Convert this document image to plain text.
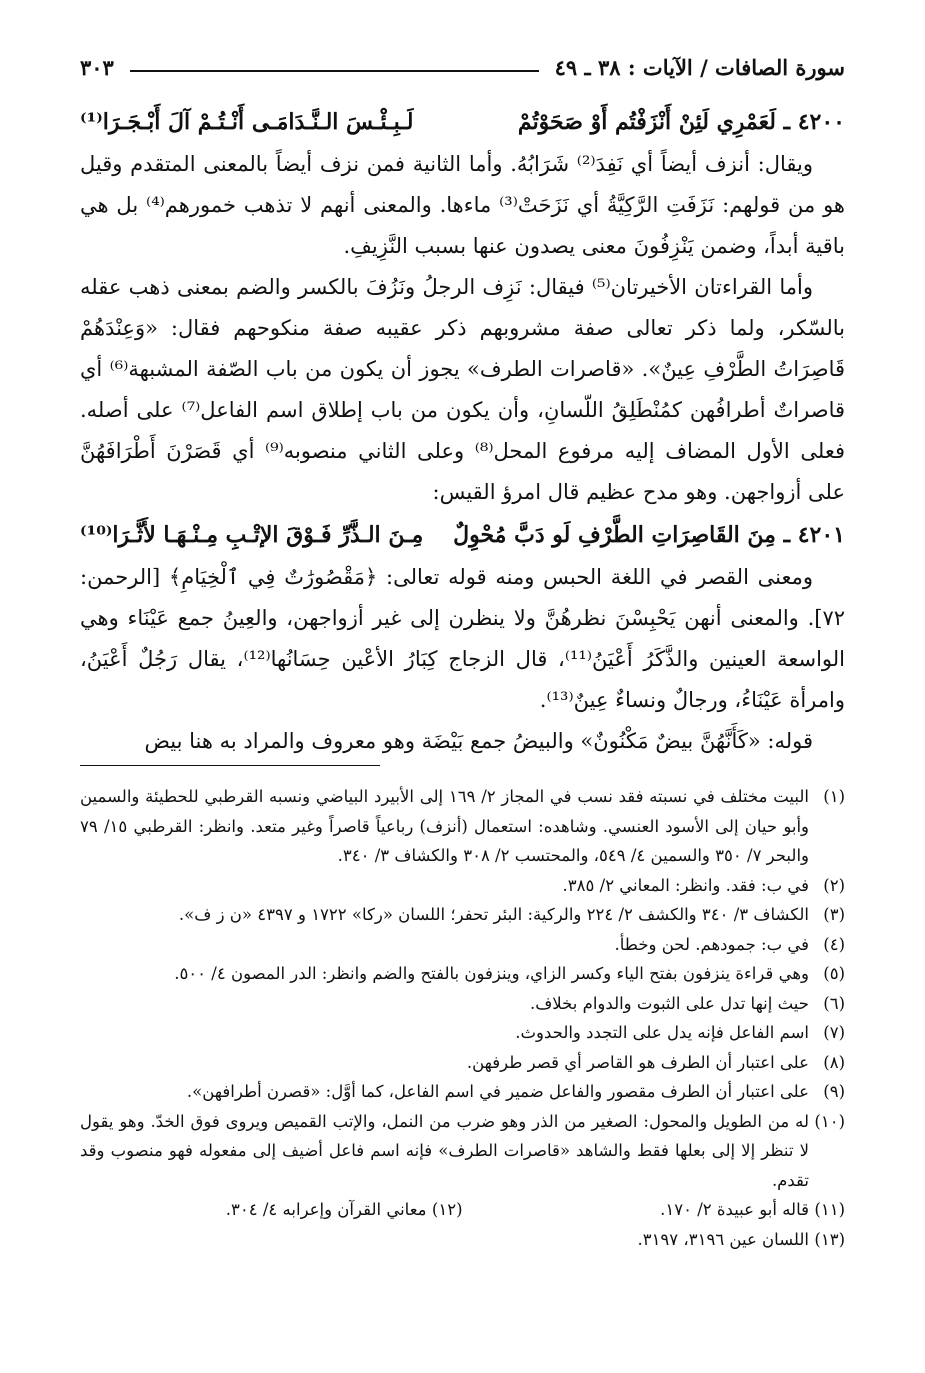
سورة الصافات / الآيات : ٣٨ ـ ٤٩
٣٠٣
٤٢٠٠ ـ لَعَمْرِي لَئِنْ أَنْزَفْتُم أَوْ صَحَوْتُمْ
لَـبِـئْـسَ الـنَّـدَامَـى أَنْـتُـمْ آلَ أَبْـجَـرَا⁽¹⁾

ويقال: أنزف أيضاً أي نَفِدَ⁽²⁾ شَرَابُهُ. وأما الثانية فمن نزف أيضاً بالمعنى المتقدم وقيل هو من قولهم: نَزَفَتِ الرَّكِيَّةُ أي نَزَحَتْ⁽³⁾ ماءها. والمعنى أنهم لا تذهب خمورهم⁽⁴⁾ بل هي باقية أبداً، وضمن يَنْزِفُونَ معنى يصدون عنها بسبب النَّزِيفِ.

وأما القراءتان الأخيرتان⁽⁵⁾ فيقال: نَزِف الرجلُ ونَزُفَ بالكسر والضم بمعنى ذهب عقله بالسّكر، ولما ذكر تعالى صفة مشروبهم ذكر عقيبه صفة منكوحهم فقال: «وَعِنْدَهُمْ قَاصِرَاتُ الطَّرْفِ عِينٌ». «قاصرات الطرف» يجوز أن يكون من باب الصّفة المشبهة⁽⁶⁾ أي قاصراتٌ أطرافُهن كمُنْطَلِقُ اللّسانِ، وأن يكون من باب إطلاق اسم الفاعل⁽⁷⁾ على أصله. فعلى الأول المضاف إليه مرفوع المحل⁽⁸⁾ وعلى الثاني منصوبه⁽⁹⁾ أي قَصَرْنَ أَطْرَافَهُنَّ على أزواجهن. وهو مدح عظيم قال امرؤ القيس:

٤٢٠١ ـ مِنَ القَاصِرَاتِ الطَّرْفِ لَو دَبَّ مُحْوِلٌ
مِـنَ الـذَّرِّ فَـوْقَ الإتْـبِ مِـنْـهَـا لأَثَّـرَا⁽¹⁰⁾

ومعنى القصر في اللغة الحبس ومنه قوله تعالى: ﴿مَقْصُورَٰتٌ فِي ٱلْخِيَامِ﴾ [الرحمن: ٧٢]. والمعنى أنهن يَحْبِسْنَ نظرهُنَّ ولا ينظرن إلى غير أزواجهن، والعِينُ جمع عَيْنَاء وهي الواسعة العينين والذَّكَرُ أَعْيَنُ⁽¹¹⁾، قال الزجاج كِبَارُ الأعْين حِسَانُها⁽¹²⁾، يقال رَجُلٌ أَعْيَنُ، وامرأة عَيْنَاءُ، ورجالٌ ونساءٌ عِينٌ⁽¹³⁾.

قوله: «كَأَنَّهُنَّ بيضٌ مَكْنُونٌ» والبيضُ جمع بَيْضَة وهو معروف والمراد به هنا بيض

(١)
البيت مختلف في نسبته فقد نسب في المجاز ٢/ ١٦٩ إلى الأبيرد البياضي ونسبه القرطبي للحطيئة والسمين وأبو حيان إلى الأسود العنسي. وشاهده: استعمال (أنزف) رباعياً قاصراً وغير متعد. وانظر: القرطبي ١٥/ ٧٩ والبحر ٧/ ٣٥٠ والسمين ٤/ ٥٤٩، والمحتسب ٢/ ٣٠٨ والكشاف ٣/ ٣٤٠.
(٢)
في ب: فقد. وانظر: المعاني ٢/ ٣٨٥.
(٣)
الكشاف ٣/ ٣٤٠ والكشف ٢/ ٢٢٤ والركية: البئر تحفر؛ اللسان «ركا» ١٧٢٢ و ٤٣٩٧ «ن ز ف».
(٤)
في ب: جمودهم. لحن وخطأ.
(٥)
وهي قراءة ينزفون بفتح الياء وكسر الزاي، وينزفون بالفتح والضم وانظر: الدر المصون ٤/ ٥٠٠.
(٦)
حيث إنها تدل على الثبوت والدوام بخلاف.
(٧)
اسم الفاعل فإنه يدل على التجدد والحدوث.
(٨)
على اعتبار أن الطرف هو القاصر أي قصر طرفهن.
(٩)
على اعتبار أن الطرف مقصور والفاعل ضمير في اسم الفاعل، كما أوَّل: «قصرن أطرافهن».
(١٠)
له من الطويل والمحول: الصغير من الذر وهو ضرب من النمل، والإتب القميص ويروى فوق الخدّ. وهو يقول لا تنظر إلا إلى بعلها فقط والشاهد «قاصرات الطرف» فإنه اسم فاعل أضيف إلى مفعوله فهو منصوب وقد تقدم.
(١١)
قاله أبو عبيدة ٢/ ١٧٠.
(١٢)
معاني القرآن وإعرابه ٤/ ٣٠٤.
(١٣)
اللسان عين ٣١٩٦، ٣١٩٧.
